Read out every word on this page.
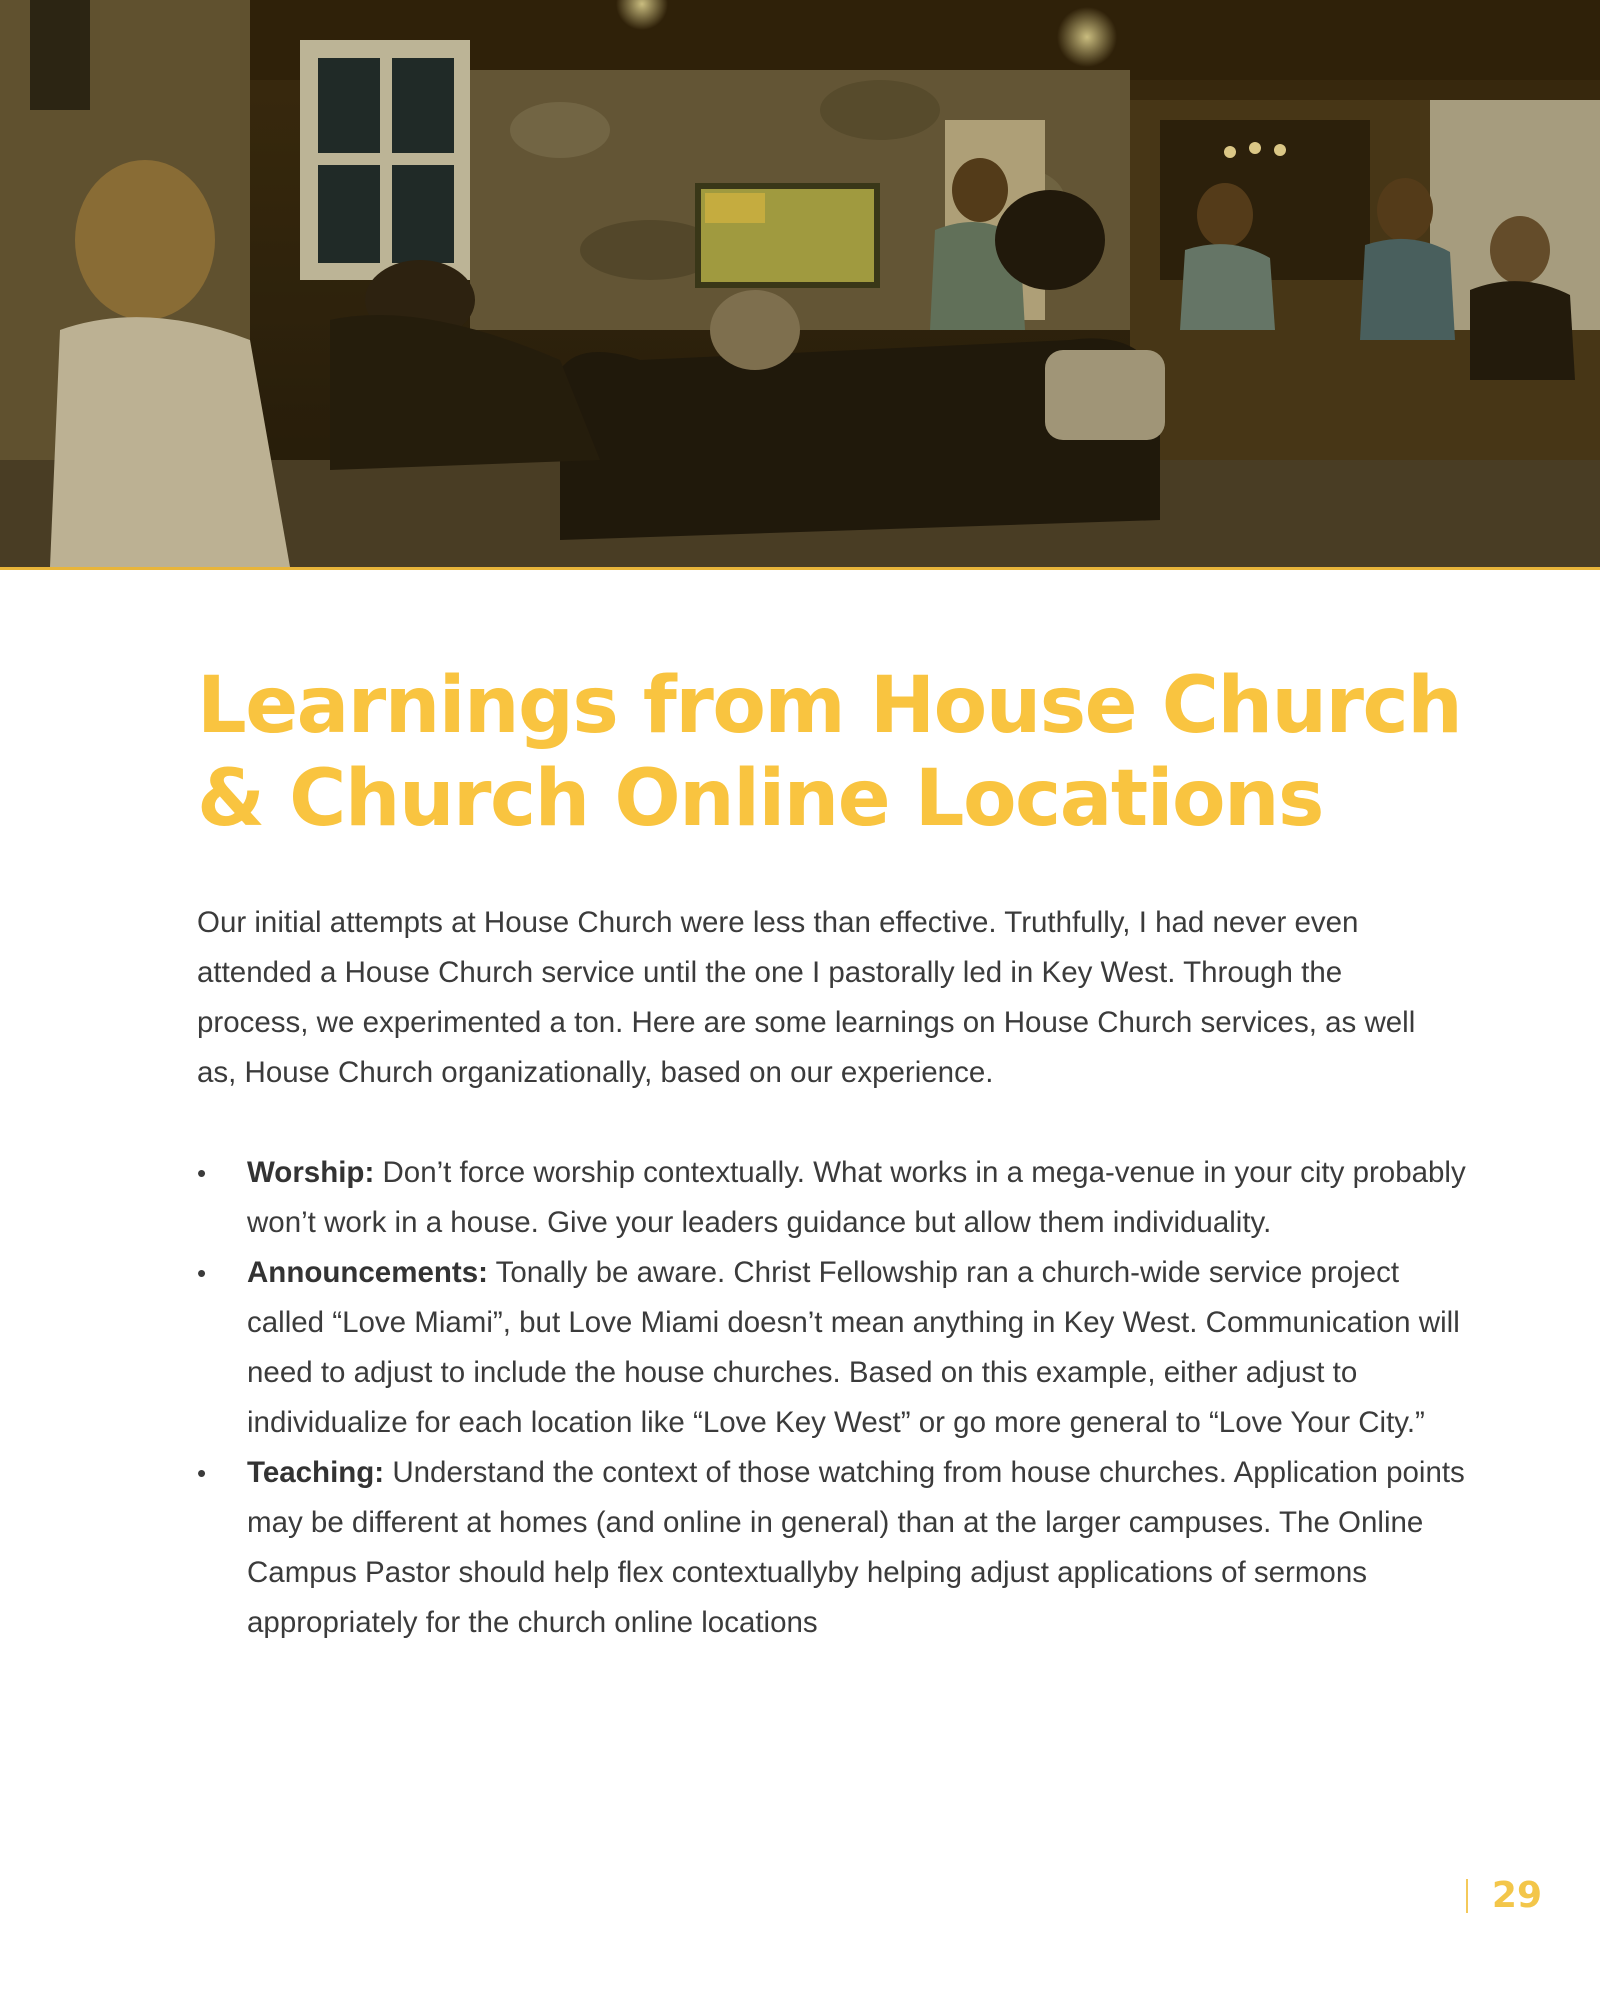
Learnings from House Church & Church Online Locations

Our initial attempts at House Church were less than effective. Truthfully, I had never even attended a House Church service until the one I pastorally led in Key West. Through the process, we experimented a ton. Here are some learnings on House Church services, as well as, House Church organizationally, based on our experience.

• Worship: Don’t force worship contextually. What works in a mega-venue in your city probably won’t work in a house. Give your leaders guidance but allow them individuality.
• Announcements: Tonally be aware. Christ Fellowship ran a church-wide service project called “Love Miami”, but Love Miami doesn’t mean anything in Key West. Communication will need to adjust to include the house churches. Based on this example, either adjust to individualize for each location like “Love Key West” or go more general to “Love Your City.”
• Teaching: Understand the context of those watching from house churches. Application points may be different at homes (and online in general) than at the larger campuses. The Online Campus Pastor should help flex contextuallyby helping adjust applications of sermons appropriately for the church online locations
29
